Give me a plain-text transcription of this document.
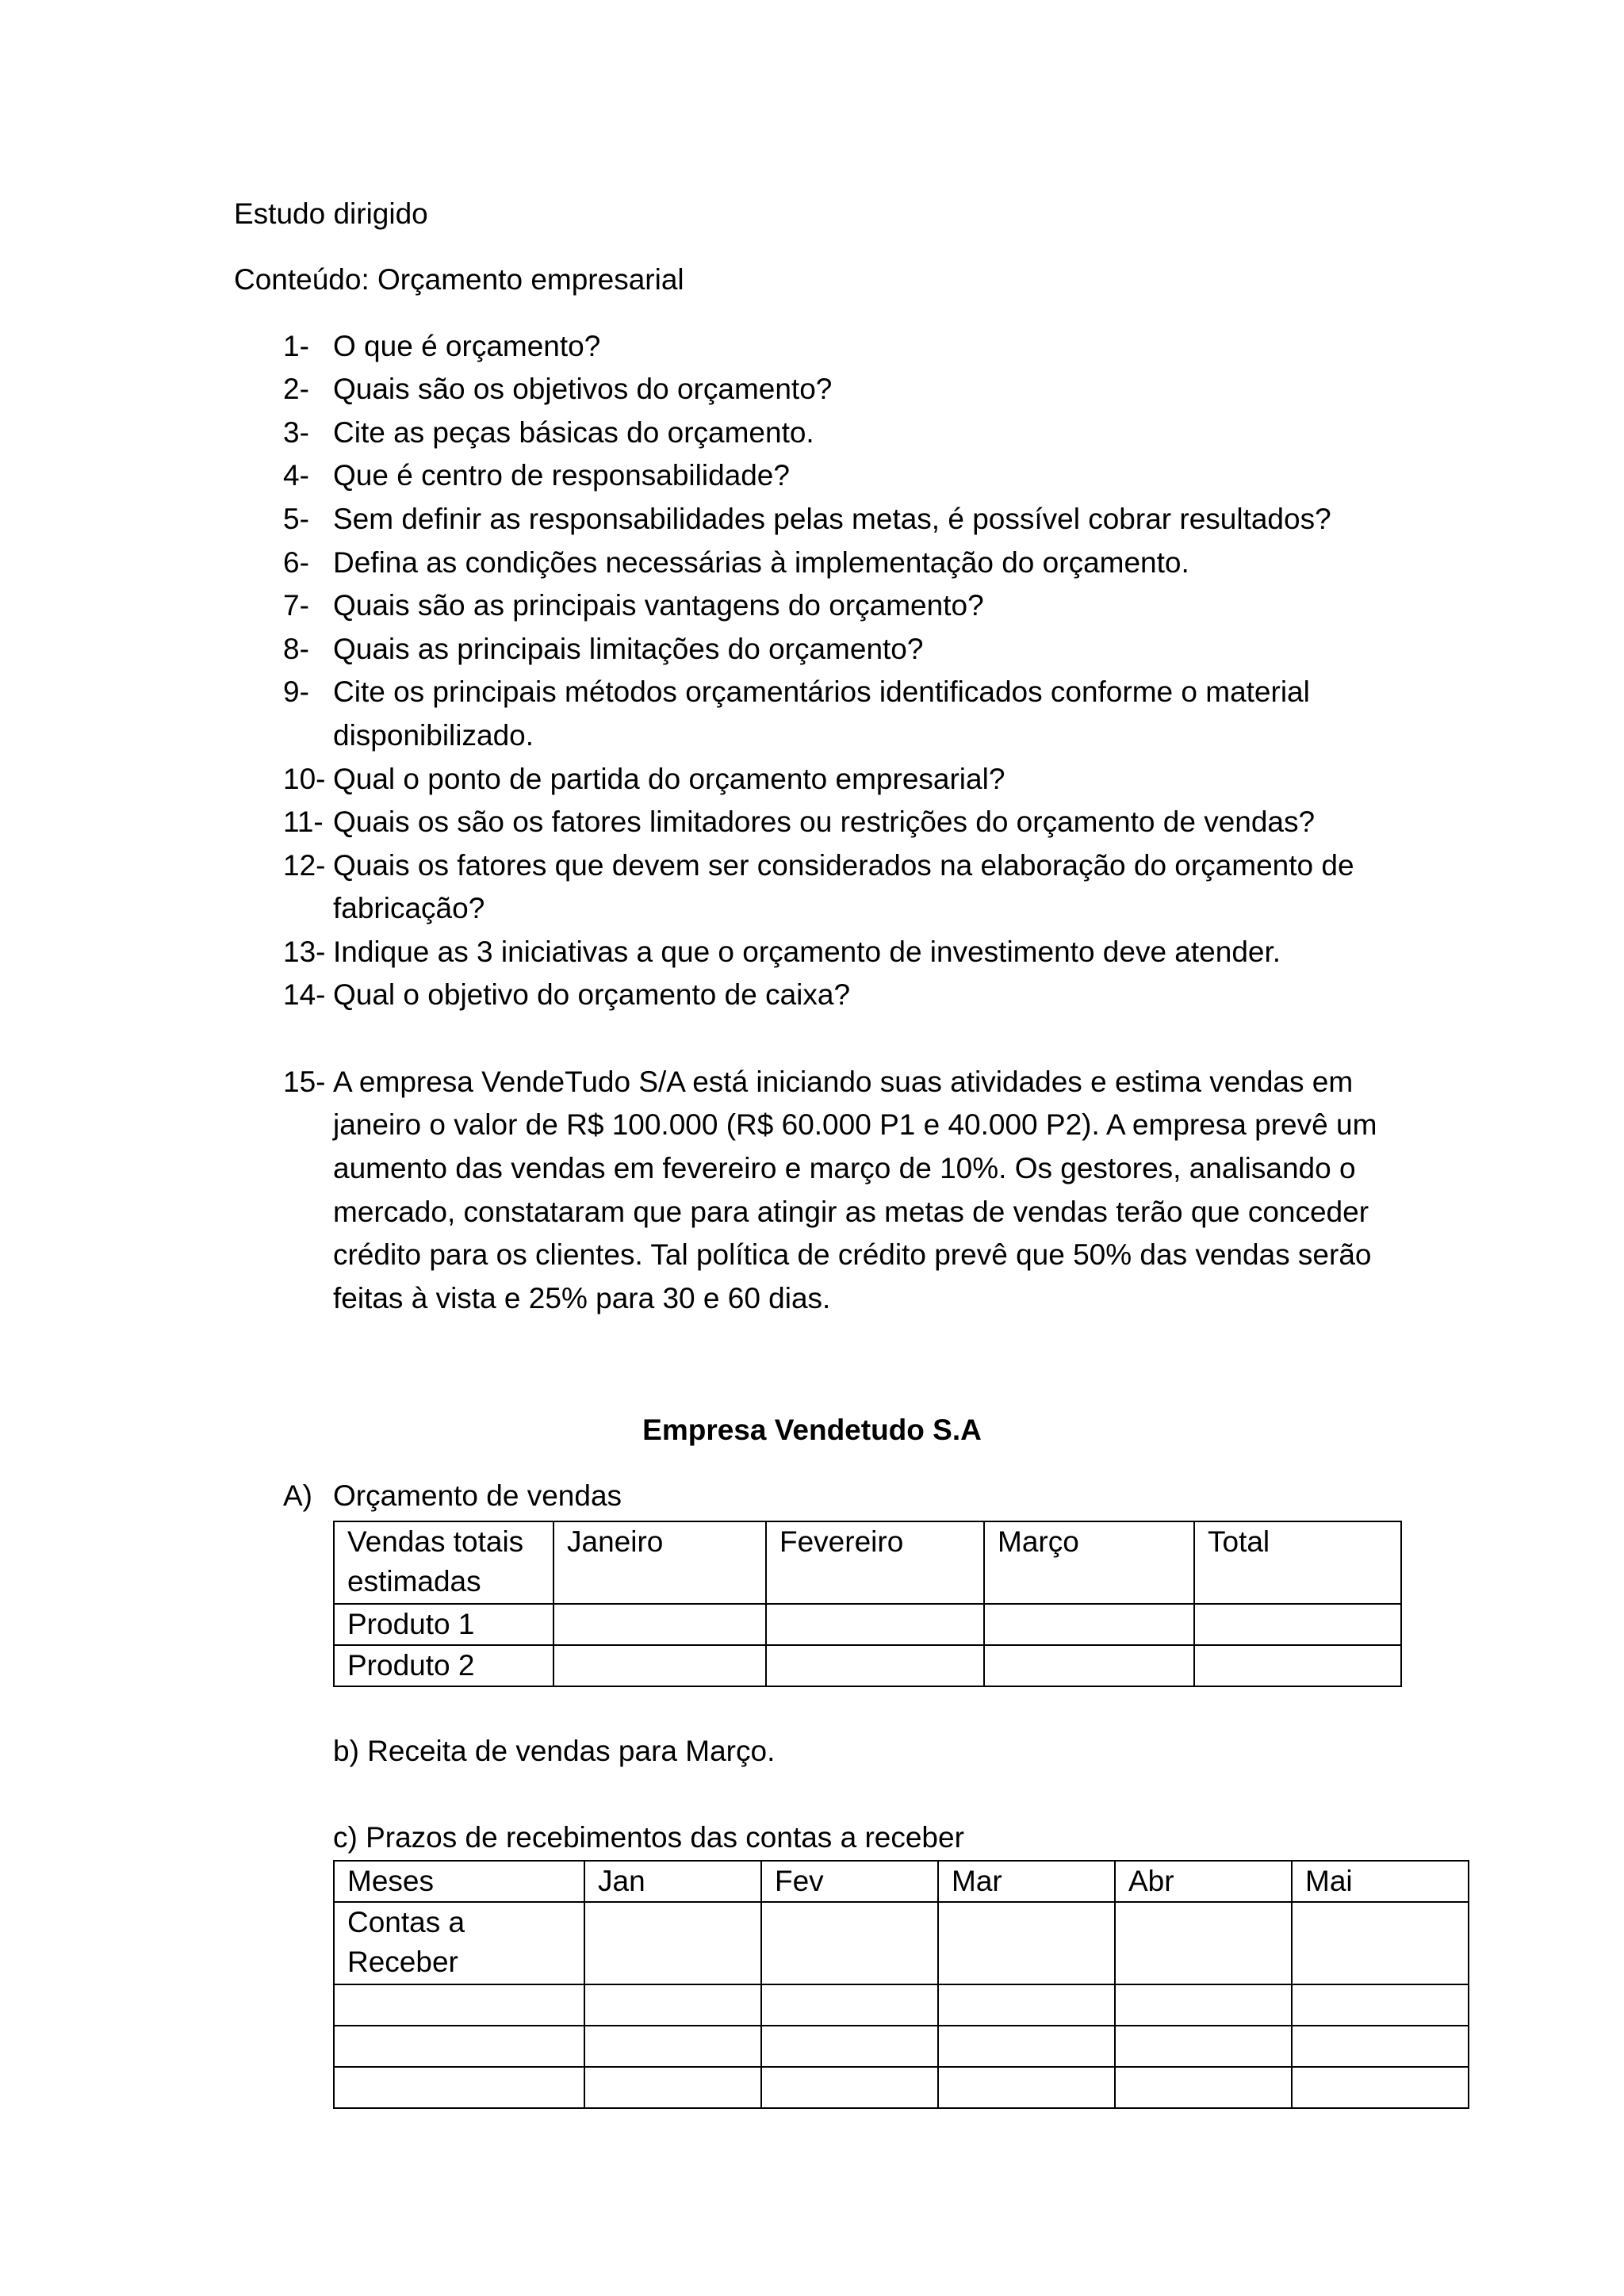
Estudo dirigido
Conteúdo: Orçamento empresarial
1- O que é orçamento?
2- Quais são os objetivos do orçamento?
3- Cite as peças básicas do orçamento.
4- Que é centro de responsabilidade?
5- Sem definir as responsabilidades pelas metas, é possível cobrar resultados?
6- Defina as condições necessárias à implementação do orçamento.
7- Quais são as principais vantagens do orçamento?
8- Quais as principais limitações do orçamento?
9- Cite os principais métodos orçamentários identificados conforme o material
disponibilizado.
10- Qual o ponto de partida do orçamento empresarial?
11- Quais os são os fatores limitadores ou restrições do orçamento de vendas?
12- Quais os fatores que devem ser considerados na elaboração do orçamento de
fabricação?
13- Indique as 3 iniciativas a que o orçamento de investimento deve atender.
14- Qual o objetivo do orçamento de caixa?
15- A empresa VendeTudo S/A está iniciando suas atividades e estima vendas em
janeiro o valor de R$ 100.000 (R$ 60.000 P1 e 40.000 P2). A empresa prevê um
aumento das vendas em fevereiro e março de 10%. Os gestores, analisando o
mercado, constataram que para atingir as metas de vendas terão que conceder
crédito para os clientes. Tal política de crédito prevê que 50% das vendas serão
feitas à vista e 25% para 30 e 60 dias.
Empresa Vendetudo S.A
A) Orçamento de vendas
Vendas totais
estimadas	Janeiro	Fevereiro	Março	Total
Produto 1				
Produto 2				
b) Receita de vendas para Março.
c) Prazos de recebimentos das contas a receber
Meses	Jan	Fev	Mar	Abr	Mai

Contas a
Receber					
